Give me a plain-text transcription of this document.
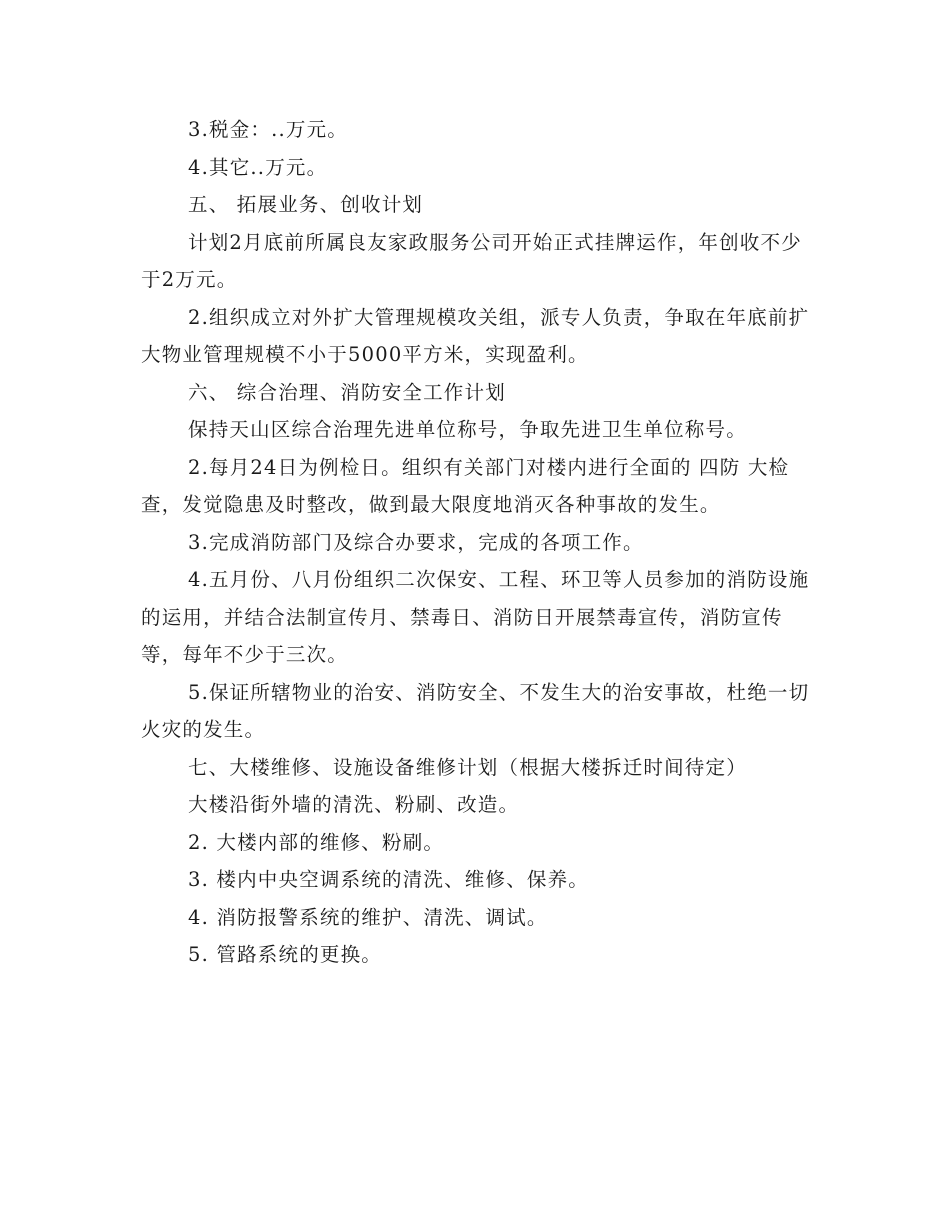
3.税金：..万元。

4.其它..万元。

五、 拓展业务、创收计划

计划2月底前所属良友家政服务公司开始正式挂牌运作，年创收不少于2万元。

2.组织成立对外扩大管理规模攻关组，派专人负责，争取在年底前扩大物业管理规模不小于5000平方米，实现盈利。

六、 综合治理、消防安全工作计划

保持天山区综合治理先进单位称号，争取先进卫生单位称号。

2.每月24日为例检日。组织有关部门对楼内进行全面的 四防 大检查，发觉隐患及时整改，做到最大限度地消灭各种事故的发生。

3.完成消防部门及综合办要求，完成的各项工作。

4.五月份、八月份组织二次保安、工程、环卫等人员参加的消防设施的运用，并结合法制宣传月、禁毒日、消防日开展禁毒宣传，消防宣传等，每年不少于三次。

5.保证所辖物业的治安、消防安全、不发生大的治安事故，杜绝一切火灾的发生。

七、大楼维修、设施设备维修计划（根据大楼拆迁时间待定）

大楼沿街外墙的清洗、粉刷、改造。

2. 大楼内部的维修、粉刷。

3. 楼内中央空调系统的清洗、维修、保养。

4. 消防报警系统的维护、清洗、调试。

5. 管路系统的更换。
